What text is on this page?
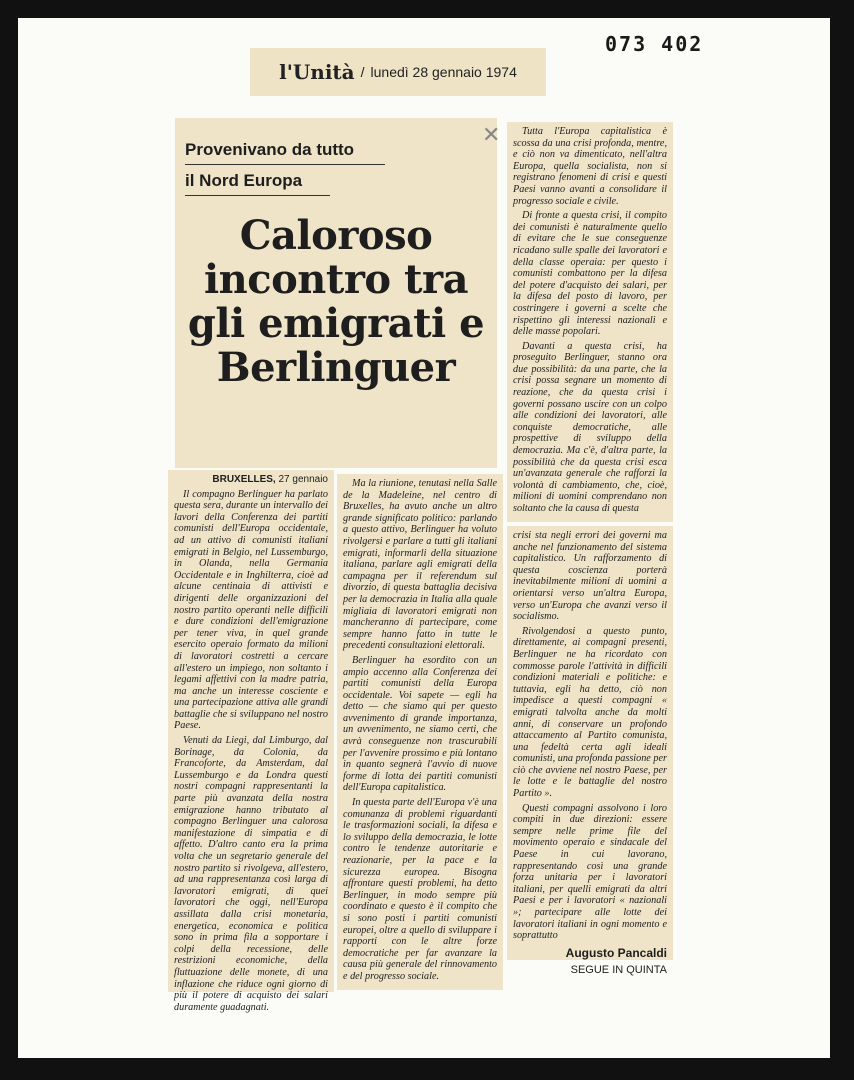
073 402
l'Unità / lunedì 28 gennaio 1974

Provenivano da tutto

il Nord Europa

Caloroso incontro tra gli emigrati e Berlinguer
✕

BRUXELLES, 27 gennaio

Il compagno Berlinguer ha parlato questa sera, durante un intervallo dei lavori della Conferenza dei partiti comunisti dell'Europa occidentale, ad un attivo di comunisti italiani emigrati in Belgio, nel Lussemburgo, in Olanda, nella Germania Occidentale e in Inghilterra, cioè ad alcune centinaia di attivisti e dirigenti delle organizzazioni del nostro partito operanti nelle difficili e dure condizioni dell'emigrazione per tener viva, in quel grande esercito operaio formato da milioni di lavoratori costretti a cercare all'estero un impiego, non soltanto i legami affettivi con la madre patria, ma anche un interesse cosciente e una partecipazione attiva alle grandi battaglie che si sviluppano nel nostro Paese.

Venuti da Liegi, dal Limburgo, dal Borinage, da Colonia, da Francoforte, da Amsterdam, dal Lussemburgo e da Londra questi nostri compagni rappresentanti la parte più avanzata della nostra emigrazione hanno tributato al compagno Berlinguer una calorosa manifestazione di simpatia e di affetto. D'altro canto era la prima volta che un segretario generale del nostro partito si rivolgeva, all'estero, ad una rappresentanza così larga di lavoratori emigrati, di quei lavoratori che oggi, nell'Europa assillata dalla crisi monetaria, energetica, economica e politica sono in prima fila a sopportare i colpi della recessione, delle restrizioni economiche, della fluttuazione delle monete, di una inflazione che riduce ogni giorno di più il potere di acquisto dei salari duramente guadagnati.

Ma la riunione, tenutasi nella Salle de la Madeleine, nel centro di Bruxelles, ha avuto anche un altro grande significato politico: parlando a questo attivo, Berlinguer ha voluto rivolgersi e parlare a tutti gli italiani emigrati, informarli della situazione italiana, parlare agli emigrati della campagna per il referendum sul divorzio, di questa battaglia decisiva per la democrazia in Italia alla quale migliaia di lavoratori emigrati non mancheranno di partecipare, come sempre hanno fatto in tutte le precedenti consultazioni elettorali.

Berlinguer ha esordito con un ampio accenno alla Conferenza dei partiti comunisti della Europa occidentale. Voi sapete — egli ha detto — che siamo qui per questo avvenimento di grande importanza, un avvenimento, ne siamo certi, che avrà conseguenze non trascurabili per l'avvenire prossimo e più lontano in quanto segnerà l'avvio di nuove forme di lotta dei partiti comunisti dell'Europa capitalistica.

In questa parte dell'Europa v'è una comunanza di problemi riguardanti le trasformazioni sociali, la difesa e lo sviluppo della democrazia, le lotte contro le tendenze autoritarie e reazionarie, per la pace e la sicurezza europea. Bisogna affrontare questi problemi, ha detto Berlinguer, in modo sempre più coordinato e questo è il compito che si sono posti i partiti comunisti europei, oltre a quello di sviluppare i rapporti con le altre forze democratiche per far avanzare la causa più generale del rinnovamento e del progresso sociale.

Tutta l'Europa capitalistica è scossa da una crisi profonda, mentre, e ciò non va dimenticato, nell'altra Europa, quella socialista, non si registrano fenomeni di crisi e questi Paesi vanno avanti a consolidare il progresso sociale e civile.

Di fronte a questa crisi, il compito dei comunisti è naturalmente quello di evitare che le sue conseguenze ricadano sulle spalle dei lavoratori e della classe operaia: per questo i comunisti combattono per la difesa del potere d'acquisto dei salari, per la difesa del posto di lavoro, per costringere i governi a scelte che rispettino gli interessi nazionali e delle masse popolari.

Davanti a questa crisi, ha proseguito Berlinguer, stanno ora due possibilità: da una parte, che la crisi possa segnare un momento di reazione, che da questa crisi i governi possano uscire con un colpo alle condizioni dei lavoratori, alle conquiste democratiche, alle prospettive di sviluppo della democrazia. Ma c'è, d'altra parte, la possibilità che da questa crisi esca un'avanzata generale che rafforzi la volontà di cambiamento, che, cioè, milioni di uomini comprendano non soltanto che la causa di questa

crisi sta negli errori dei governi ma anche nel funzionamento del sistema capitalistico. Un rafforzamento di questa coscienza porterà inevitabilmente milioni di uomini a orientarsi verso un'altra Europa, verso un'Europa che avanzi verso il socialismo.

Rivolgendosi a questo punto, direttamente, ai compagni presenti, Berlinguer ne ha ricordato con commosse parole l'attività in difficili condizioni materiali e politiche: e tuttavia, egli ha detto, ciò non impedisce a questi compagni « emigrati talvolta anche da molti anni, di conservare un profondo attaccamento al Partito comunista, una fedeltà certa agli ideali comunisti, una profonda passione per ciò che avviene nel nostro Paese, per le lotte e le battaglie del nostro Partito ».

Questi compagni assolvono i loro compiti in due direzioni: essere sempre nelle prime file del movimento operaio e sindacale del Paese in cui lavorano, rappresentando così una grande forza unitaria per i lavoratori italiani, per quelli emigrati da altri Paesi e per i lavoratori « nazionali »; partecipare alle lotte dei lavoratori italiani in ogni momento e soprattutto

Augusto Pancaldi
SEGUE IN QUINTA
